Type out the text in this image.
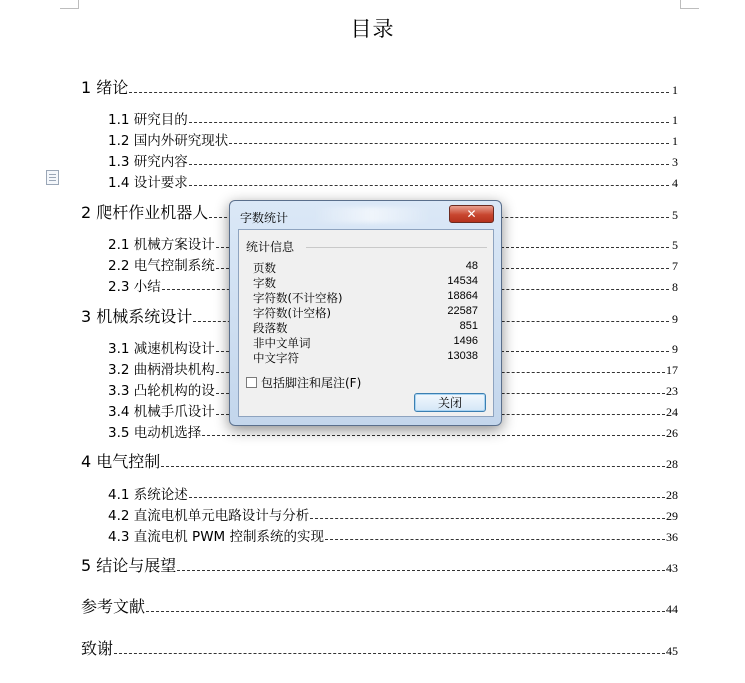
目录
1 绪论	1
1.1 研究目的	1
1.2 国内外研究现状	1
1.3 研究内容	3
1.4 设计要求	4
2 爬杆作业机器人	5
2.1 机械方案设计	5
2.2 电气控制系统	7
2.3 小结	8
3 机械系统设计	9
3.1 减速机构设计	9
3.2 曲柄滑块机构	17
3.3 凸轮机构的设	23
3.4 机械手爪设计	24
3.5 电动机选择	26
4 电气控制	28
4.1 系统论述	28
4.2 直流电机单元电路设计与分析	29
4.3 直流电机 PWM 控制系统的实现	36
5 结论与展望	43
参考文献	44
致谢	45
字数统计	✕
统计信息
页数	48
字数	14534
字符数(不计空格)	18864
字符数(计空格)	22587
段落数	851
非中文单词	1496
中文字符	13038
包括脚注和尾注(F)
关闭
